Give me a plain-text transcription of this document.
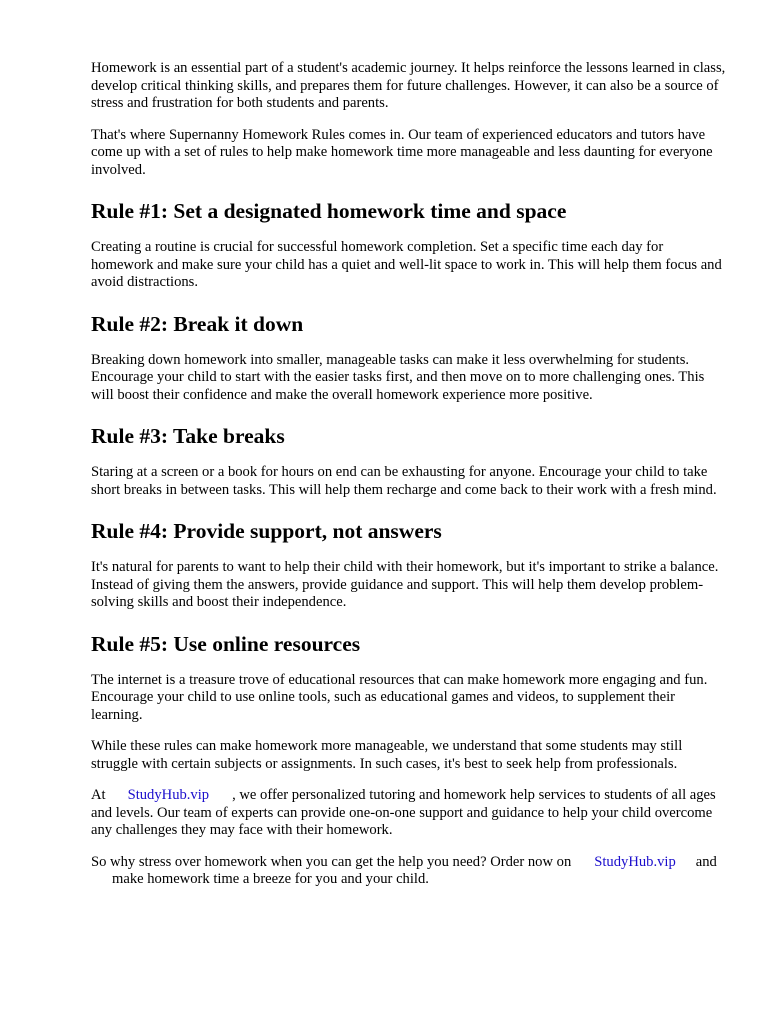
Homework is an essential part of a student's academic journey. It helps reinforce the lessons learned in class, develop critical thinking skills, and prepares them for future challenges. However, it can also be a source of stress and frustration for both students and parents.

That's where Supernanny Homework Rules comes in. Our team of experienced educators and tutors have come up with a set of rules to help make homework time more manageable and less daunting for everyone involved.

Rule #1: Set a designated homework time and space

Creating a routine is crucial for successful homework completion. Set a specific time each day for homework and make sure your child has a quiet and well-lit space to work in. This will help them focus and avoid distractions.

Rule #2: Break it down

Breaking down homework into smaller, manageable tasks can make it less overwhelming for students. Encourage your child to start with the easier tasks first, and then move on to more challenging ones. This will boost their confidence and make the overall homework experience more positive.

Rule #3: Take breaks

Staring at a screen or a book for hours on end can be exhausting for anyone. Encourage your child to take short breaks in between tasks. This will help them recharge and come back to their work with a fresh mind.

Rule #4: Provide support, not answers

It's natural for parents to want to help their child with their homework, but it's important to strike a balance. Instead of giving them the answers, provide guidance and support. This will help them develop problem-solving skills and boost their independence.

Rule #5: Use online resources

The internet is a treasure trove of educational resources that can make homework more engaging and fun. Encourage your child to use online tools, such as educational games and videos, to supplement their learning.

While these rules can make homework more manageable, we understand that some students may still struggle with certain subjects or assignments. In such cases, it's best to seek help from professionals.

At StudyHub.vip , we offer personalized tutoring and homework help services to students of all ages and levels. Our team of experts can provide one-on-one support and guidance to help your child overcome any challenges they may face with their homework.

So why stress over homework when you can get the help you need? Order now on StudyHub.vip and make homework time a breeze for you and your child.
